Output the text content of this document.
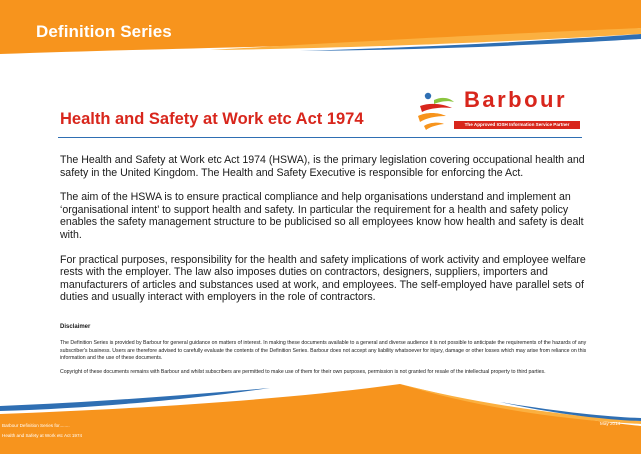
Definition Series
Barbour
The Approved IOSH Information Service Partner
Health and Safety at Work etc Act 1974

The Health and Safety at Work etc Act 1974 (HSWA), is the primary legislation covering occupational health and safety in the United Kingdom. The Health and Safety Executive is responsible for enforcing the Act.

The aim of the HSWA is to ensure practical compliance and help organisations understand and implement an ‘organisational intent’ to support health and safety. In particular the requirement for a health and safety policy enables the safety management structure to be publicised so all employees know how health and safety is dealt with.

For practical purposes, responsibility for the health and safety implications of work activity and employee welfare rests with the employer. The law also imposes duties on contractors, designers, suppliers, importers and manufacturers of articles and substances used at work, and employees. The self-employed have parallel sets of duties and usually interact with employers in the role of contractors.

Disclaimer

The Definition Series is provided by Barbour for general guidance on matters of interest. In making these documents available to a general and diverse audience it is not possible to anticipate the requirements of the hazards of any subscriber's business. Users are therefore advised to carefully evaluate the contents of the Definition Series. Barbour does not accept any liability whatsoever for injury, damage or other losses which may arise from reliance on this information and the use of these documents.

Copyright of these documents remains with Barbour and whilst subscribers are permitted to make use of them for their own purposes, permission is not granted for resale of the intellectual property to third parties.

Barbour Definition Series for........
Health and Safety at Work etc Act 1974
May 2014
